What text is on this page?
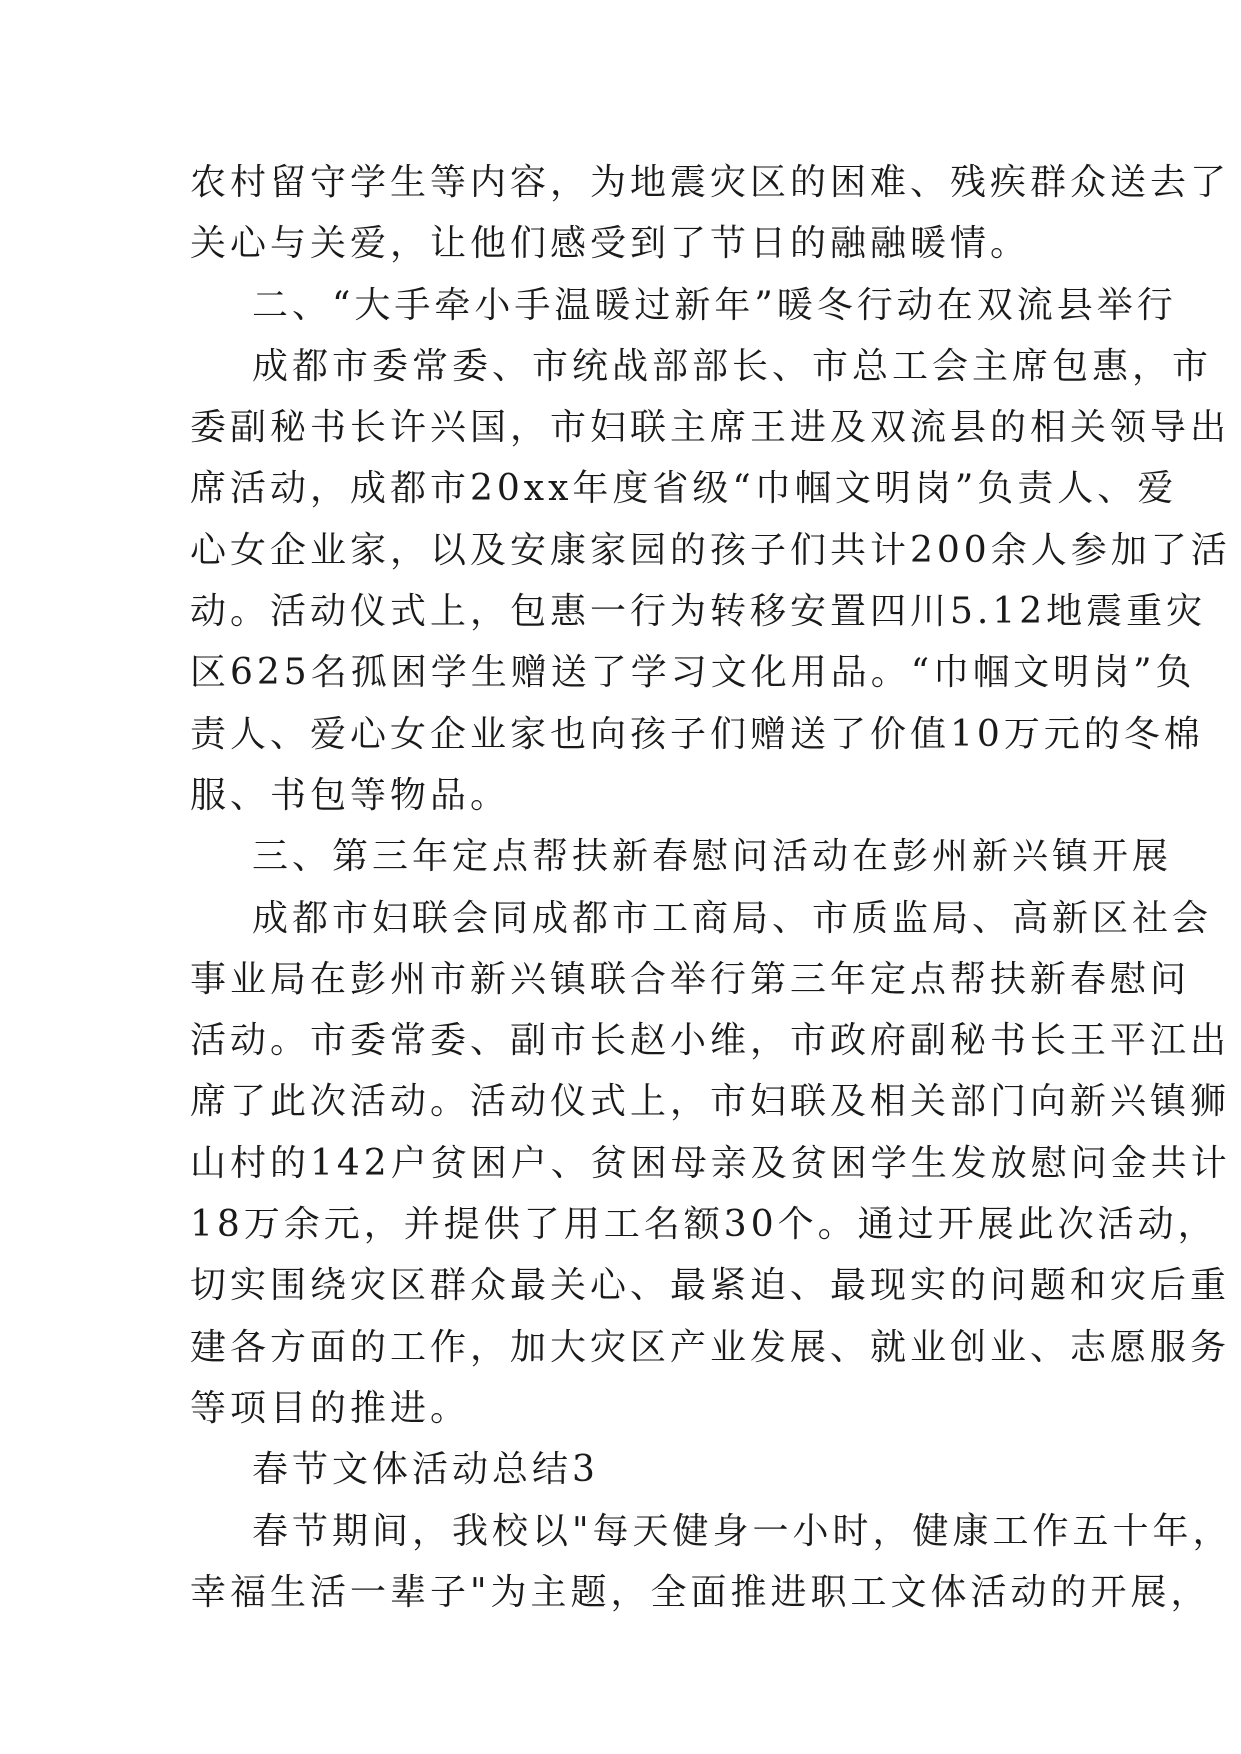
农村留守学生等内容，为地震灾区的困难、残疾群众送去了
关心与关爱，让他们感受到了节日的融融暖情。
二、“大手牵小手温暖过新年”暖冬行动在双流县举行
成都市委常委、市统战部部长、市总工会主席包惠，市
委副秘书长许兴国，市妇联主席王进及双流县的相关领导出
席活动，成都市20xx年度省级“巾帼文明岗”负责人、爱
心女企业家，以及安康家园的孩子们共计200余人参加了活
动。活动仪式上，包惠一行为转移安置四川5.12地震重灾
区625名孤困学生赠送了学习文化用品。“巾帼文明岗”负
责人、爱心女企业家也向孩子们赠送了价值10万元的冬棉
服、书包等物品。
三、第三年定点帮扶新春慰问活动在彭州新兴镇开展
成都市妇联会同成都市工商局、市质监局、高新区社会
事业局在彭州市新兴镇联合举行第三年定点帮扶新春慰问
活动。市委常委、副市长赵小维，市政府副秘书长王平江出
席了此次活动。活动仪式上，市妇联及相关部门向新兴镇狮
山村的142户贫困户、贫困母亲及贫困学生发放慰问金共计
18万余元，并提供了用工名额30个。通过开展此次活动，
切实围绕灾区群众最关心、最紧迫、最现实的问题和灾后重
建各方面的工作，加大灾区产业发展、就业创业、志愿服务
等项目的推进。
春节文体活动总结3
春节期间，我校以"每天健身一小时，健康工作五十年，
幸福生活一辈子"为主题，全面推进职工文体活动的开展，
